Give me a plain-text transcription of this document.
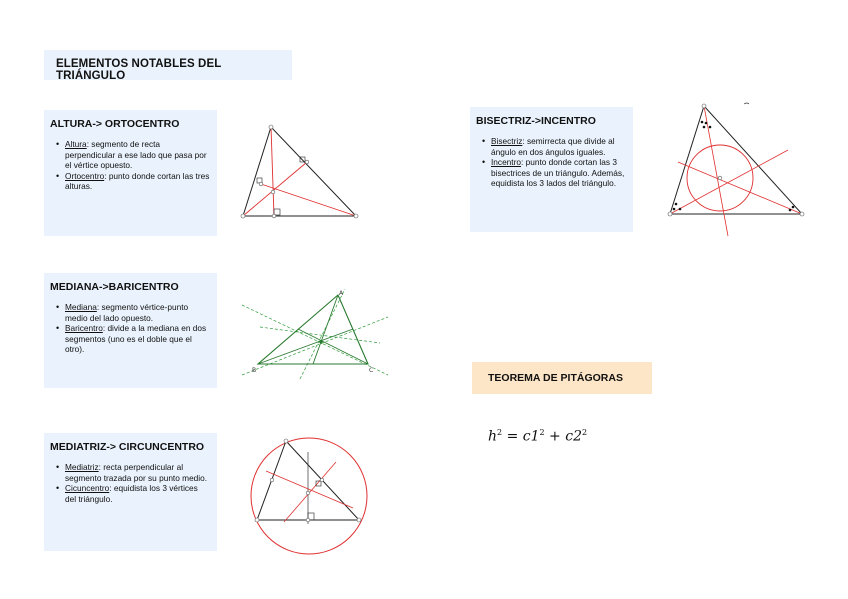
ELEMENTOS NOTABLES DEL TRIÁNGULO
ALTURA-> ORTOCENTRO
• Altura: segmento de recta perpendicular a ese lado que pasa por el vértice opuesto.
• Ortocentro: punto donde cortan las tres alturas.
MEDIANA->BARICENTRO
• Mediana: segmento vértice-punto medio del lado opuesto.
• Baricentro: divide a la mediana en dos segmentos (uno es el doble que el otro).
B	C
A
MEDIATRIZ-> CIRCUNCENTRO
• Mediatriz: recta perpendicular al segmento trazada por su punto medio.
• Cicuncentro: equidista los 3 vértices del triángulo.
BISECTRIZ->INCENTRO
• Bisectriz: semirrecta que divide al ángulo en dos ángulos iguales.
• Incentro: punto donde cortan las 3 bisectrices de un triángulo. Además, equidista los 3 lados del triángulo.
TEOREMA DE PITÁGORAS
$h^2 = c1^2 + c2^2$
